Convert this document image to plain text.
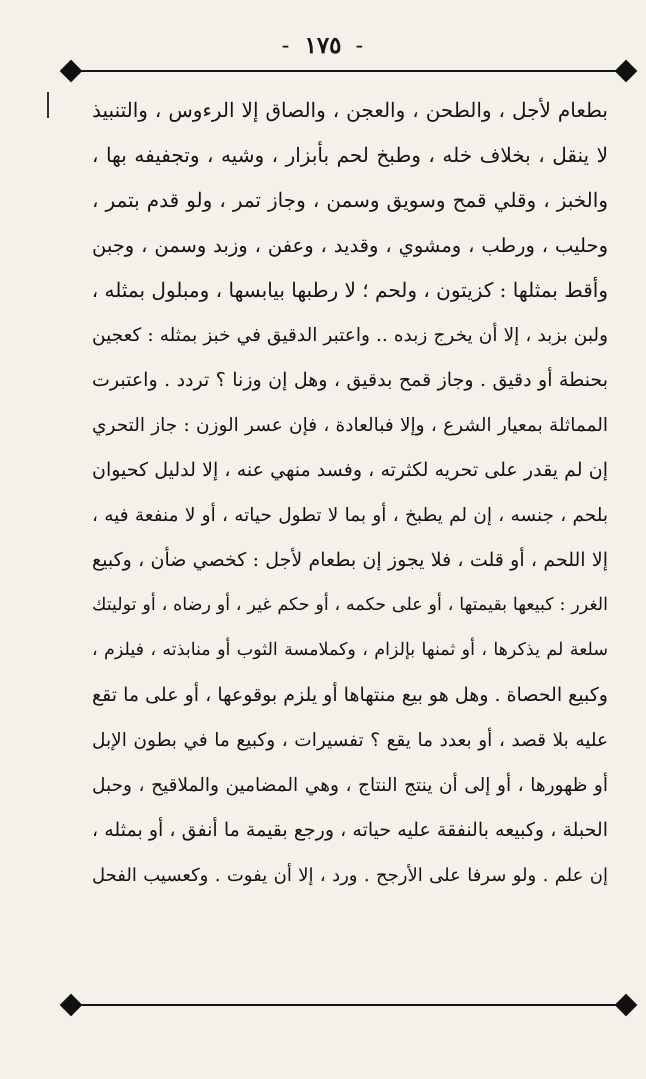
- ١٧٥ -
بطعام لأجل ، والطحن ، والعجن ، والصاق إلا الرءوس ، والتنبيذ
لا ينقل ، بخلاف خله ، وطبخ لحم بأبزار ، وشيه ، وتجفيفه بها ،
والخبز ، وقلي قمح وسويق وسمن ، وجاز تمر ، ولو قدم بتمر ،
وحليب ، ورطب ، ومشوي ، وقديد ، وعفن ، وزبد وسمن ، وجبن
وأقط بمثلها : كزيتون ، ولحم ؛ لا رطبها بيابسها ، ومبلول بمثله ،
ولبن بزبد ، إلا أن يخرج زبده .. واعتبر الدقيق في خبز بمثله : كعجين
بحنطة أو دقيق . وجاز قمح بدقيق ، وهل إن وزنا ؟ تردد . واعتبرت
المماثلة بمعيار الشرع ، وإلا فبالعادة ، فإن عسر الوزن : جاز التحري
إن لم يقدر على تحريه لكثرته ، وفسد منهي عنه ، إلا لدليل كحيوان
بلحم ، جنسه ، إن لم يطبخ ، أو بما لا تطول حياته ، أو لا منفعة فيه ،
إلا اللحم ، أو قلت ، فلا يجوز إن بطعام لأجل : كخصي ضأن ، وكبيع
الغرر : كبيعها بقيمتها ، أو على حكمه ، أو حكم غير ، أو رضاه ، أو توليتك
سلعة لم يذكرها ، أو ثمنها بإلزام ، وكملامسة الثوب أو منابذته ، فيلزم ،
وكبيع الحصاة . وهل هو بيع منتهاها أو يلزم بوقوعها ، أو على ما تقع
عليه بلا قصد ، أو بعدد ما يقع ؟ تفسيرات ، وكبيع ما في بطون الإبل
أو ظهورها ، أو إلى أن ينتج النتاج ، وهي المضامين والملاقيح ، وحبل
الحبلة ، وكبيعه بالنفقة عليه حياته ، ورجع بقيمة ما أنفق ، أو بمثله ،
إن علم . ولو سرفا على الأرجح . ورد ، إلا أن يفوت . وكعسيب الفحل
